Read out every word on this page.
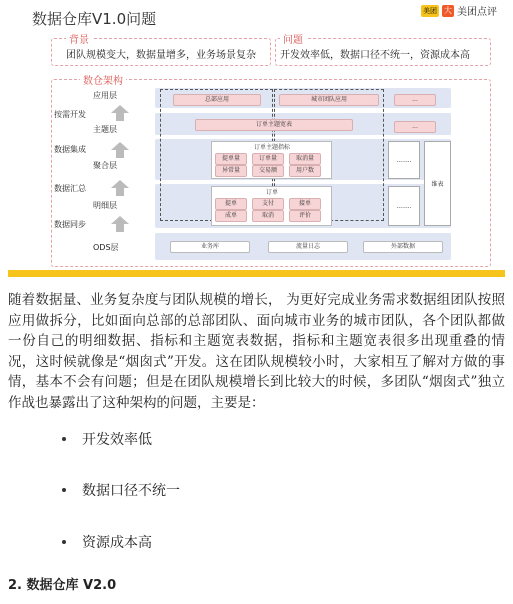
数据仓库V1.0问题	美团 大 美团点评
背景
团队规模变大，数据量增多，业务场景复杂
问题
开发效率低，数据口径不统一，资源成本高
数仓架构
应用层
按需开发
主题层
数据集成
聚合层
数据汇总
明细层
数据同步
ODS层
总部应用	城市团队应用	...
订单主题宽表	...
订单主题指标
提单量	订单量	取消量
异常量	交易额	用户数
订单
提单	支付	接单
成单	取消	评价
........
........
维表
业务库	流量日志	外部数据
随着数据量、业务复杂度与团队规模的增长， 为更好完成业务需求数据组团队按照应用做拆分，比如面向总部的总部团队、面向城市业务的城市团队，各个团队都做一份自己的明细数据、指标和主题宽表数据，指标和主题宽表很多出现重叠的情况，这时候就像是“烟囱式”开发。这在团队规模较小时，大家相互了解对方做的事情，基本不会有问题；但是在团队规模增长到比较大的时候，多团队“烟囱式”独立作战也暴露出了这种架构的问题，主要是：
开发效率低
数据口径不统一
资源成本高
2. 数据仓库 V2.0
